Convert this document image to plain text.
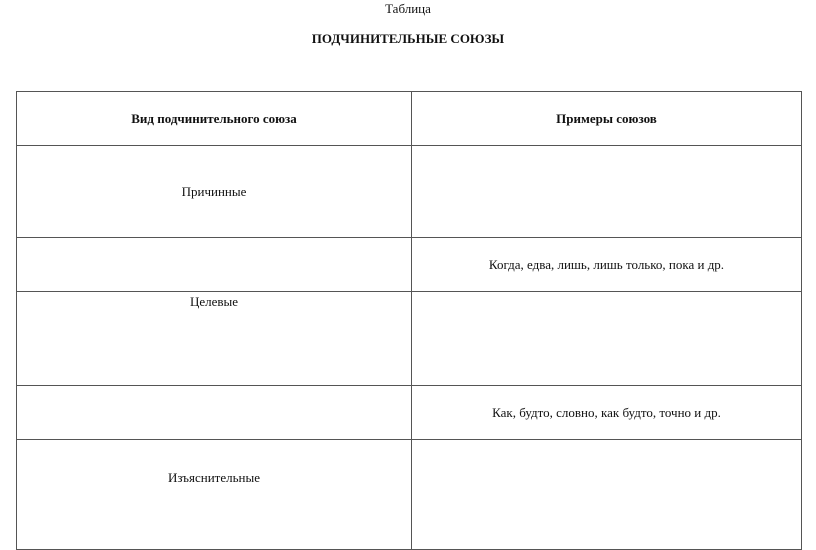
Таблица
ПОДЧИНИТЕЛЬНЫЕ СОЮЗЫ
Вид подчинительного союза	Примеры союзов
Причинные	
	Когда, едва, лишь, лишь только, пока и др.
Целевые	
	Как, будто, словно, как будто, точно и др.

Изъяснительные	
